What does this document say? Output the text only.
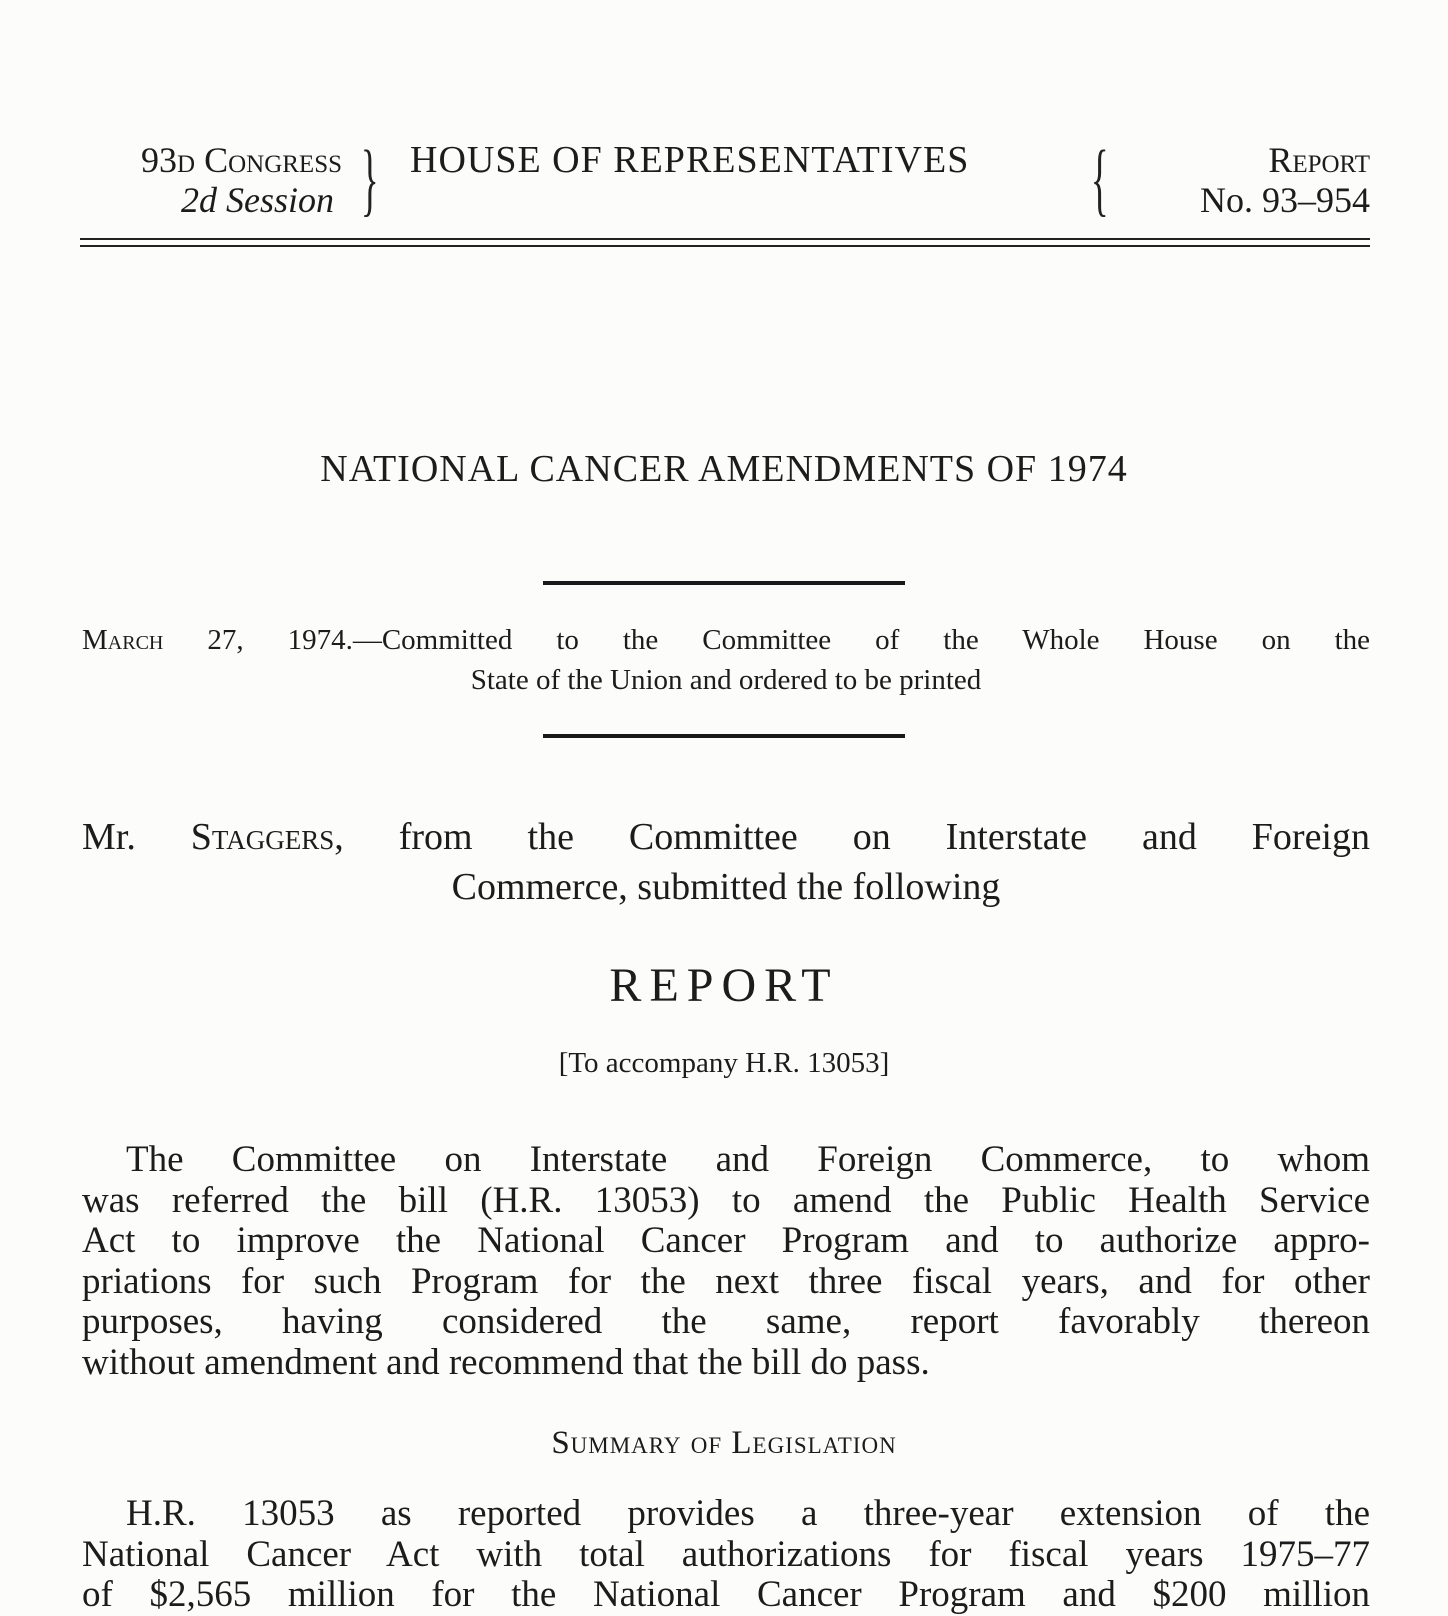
93d Congress
2d Session } HOUSE OF REPRESENTATIVES {	Report
No. 93–954
NATIONAL CANCER AMENDMENTS OF 1974
March 27, 1974.—Committed to the Committee of the Whole House on the
State of the Union and ordered to be printed
Mr. Staggers, from the Committee on Interstate and Foreign
Commerce, submitted the following
REPORT
[To accompany H.R. 13053]
The Committee on Interstate and Foreign Commerce, to whom
was referred the bill (H.R. 13053) to amend the Public Health Service
Act to improve the National Cancer Program and to authorize appro-
priations for such Program for the next three fiscal years, and for other
purposes, having considered the same, report favorably thereon
without amendment and recommend that the bill do pass.
Summary of Legislation
H.R. 13053 as reported provides a three-year extension of the
National Cancer Act with total authorizations for fiscal years 1975–77
of $2,565 million for the National Cancer Program and $200 million
